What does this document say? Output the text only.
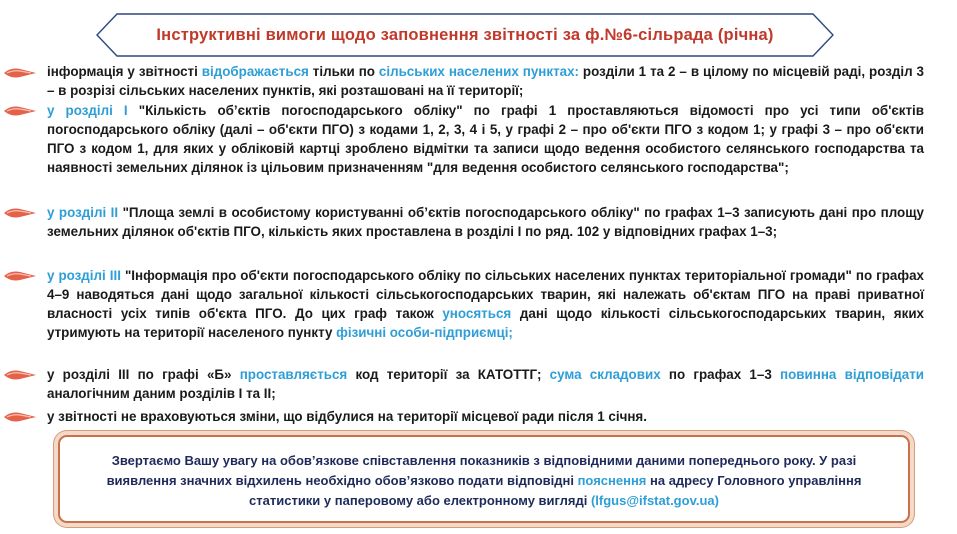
Інструктивні вимоги щодо заповнення звітності за ф.№6-сільрада (річна)
інформація у звітності відображається тільки по сільських населених пунктах: розділи 1 та 2 – в цілому по місцевій раді, розділ 3 – в розрізі сільських населених пунктів, які розташовані на її території;
у розділі І "Кількість об’єктів погосподарського обліку" по графі 1 проставляються відомості про усі типи об'єктів погосподарського обліку (далі – об'єкти ПГО) з кодами 1, 2, 3, 4 і 5, у графі 2 – про об'єкти ПГО з кодом 1; у графі 3 – про об'єкти ПГО з кодом 1, для яких у обліковій картці зроблено відмітки та записи щодо ведення особистого селянського господарства та наявності земельних ділянок із цільовим призначенням "для ведення особистого селянського господарства";
у розділі ІІ "Площа землі в особистому користуванні об’єктів погосподарського обліку" по графах 1–3 записують дані про площу земельних ділянок об'єктів ПГО, кількість яких проставлена в розділі І по ряд. 102 у відповідних графах 1–3;
у розділі ІІІ "Інформація про об'єкти погосподарського обліку по сільських населених пунктах територіальної громади" по графах 4–9 наводяться дані щодо загальної кількості сільськогосподарських тварин, які належать об'єктам ПГО на праві приватної власності усіх типів об'єкта ПГО. До цих граф також уносяться дані щодо кількості сільськогосподарських тварин, яких утримують на території населеного пункту фізичні особи-підприємці;
у розділі ІІІ по графі «Б» проставляється код території за КАТОТТГ; сума складових по графах 1–3 повинна відповідати аналогічним даним розділів І та ІІ;
у звітності не враховуються зміни, що відбулися на території місцевої ради після 1 січня.
Звертаємо Вашу увагу на обов’язкове співставлення показників з відповідними даними попереднього року. У разі виявлення значних відхилень необхідно обов’язково подати відповідні пояснення на адресу Головного управління статистики у паперовому або електронному вигляді (lfgus@ifstat.gov.ua)
